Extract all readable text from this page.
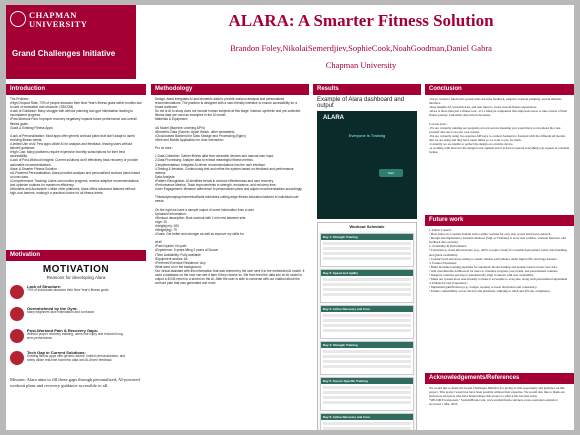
CHAPMAN
UNIVERSITY
Grand Challenges Initiative
ALARA: A Smarter Fitness Solution
Brandon Foley,NikolaiSemerdjiev,SophieCook,NoahGoodman,Daniel Gabra
Chapman University
Introduction
The Problem:
•High Dropout Rate: 73% of people abandon their New Year's fitness goals within months due to lack of motivation and structure. (SBCOM)
•Lack of Guidance: Many struggle with without planning and gym intimidation leading to inconsistent progress.
•Post-Workout Pain: Improper recovery negatively impacts future performance and overall fitness goals.
Goals & Existing Fitness Apps:

•Lack of Personalization: Most apps offer generic workout plans that don't adapt to users' evolving fitness needs.
•Limited Use of AI: Few apps utilize AI for analysis and feedback, leaving users without tailored guidance.
•High Cost: Many platforms require expensive monthly subscriptions for their best accessibility.
•Lack of Post-Workout Insights: Current solutions don't effectively track recovery or provide actionable recommendations.
Alara: A Smarter Fitness Solution
•AI-Powered Personalization: Alara provides analysis and personalized workout plans based on user data.
•Comprehensive Tracking: Users can monitor progress, receive adaptive recommendations, and optimize routines for maximum efficiency.
Affordable and Accessible: Unlike other platforms, Alara offers advanced features without high-cost barriers, making it a practical choice for all fitness levels.
Motivation
MOTIVATION
Reasons for developing Alara
Lack of Structure:
73% of individuals abandon their New Year's fitness goals
Overwhelmed by the Gym:
Many beginners face intimidation and confusion
Post-Workout Pain & Recovery Gaps:
Without proper recovery tracking, users risk injury and reduced long-term performance
Tech Gap in Current Solutions:
Existing fitness apps offer generic advice, limited personalization, and rarely utilize real-time biometric data and AI-driven feedback
Mission: Alara aims to fill these gaps through personalized, AI-powered workout plans and recovery guidance accessible to all.
Methodology
Design: Alara integrates AI and biometric data to provide workout analysis and personalized recommendations. The platform is designed with a user-friendly interface to ensure accessibility for a broad audience.
So me is AI to study does not include human subjects at this stage, instead, synthetic and pre-collected fitness data are used as examples in the AI model.
Materials & Equipment:

•AI Model (Machine Learning API's)
•Biometric Data (Garmin, Apple Watch, other wearables)
•Cloud-based Backend for Data Storage and Processing (Nginx)
•Web and Mobile Application for User Interaction

Pro ce dure :

1.Data Collection: Gather fitness data from wearable devices and manual user input.
2.Data Processing: Analyze data to extract meaningful fitness metrics.
3.Implementation: Integrate AI-driven recommendations into the user interface.
4.Testing & Iteration: Continuously test and refine the system based on feedback and performance metrics.
Data Analysis:
•Pattern Recognition: AI identifies trends in workout effectiveness and user recovery.
•Performance Metrics: Track improvements in strength, endurance, and recovery time.
•User Engagement: Measure adherence to personalized plans and adjust recommendations accordingly.

ThisstudyisnotpsychometricalNaria minimizes cutting-edge fitness education tailored to individual user needs.

On the right we have a sample output of some information from a user.
Uploaded Information:
•Workout description: Bust workout with 1 min rest between sets
•Age: 20
•Height(cm): 183
•Weight(kg): 79
•Goals: Get better and stronger as well as improve my skills for

at all
•Past Injuries: No pain
•Experience: 5 years lifting 2 years of Soccer
•Time Availability: Fully available
•Equipment access: All
•Preferred Exercise Residence: Any
What went on in the background:
Our virtual assistant with this information that was entered by the user sent it to the embedded AI model. It used a database on the user can see it later if they choose so. We then feed the data into an AI model to output a 30/45 return to a stored on the AI. After the user is able to converse with our chatbot about the workout plan that was generated and more.
Results
Example of Alara dashboard and output
ALARA
Everyone Is Training
Start
Workout Schedule
Day 1: Strength Training
Day 2: Speed and Agility
Day 3: Active Recovery and Core
Day 4: Strength Training
Day 5: Soccer Specific Training
Day 6: Active Recovery and Core
Conclusion
-We've created a functional system with real-time feedback, adaptive workout planning, and an intuitive interface.
-Data insights AI, wearable data, and user input to create custom fitness experiences.
-Alara is more than just a fitness tool—it's a lifestyle companion that empowers users to take control of their fitness journey with smart data-driven decisions.

Con ins tions :
-We are currently running our program on local servers meaning you would have to download the code yourself and run it on your own system.
-We are currently using two separate API keys to connect backend to frontend with the different AI models that we are using and they have token limits so we want to pay for them.
-Currently we are unable to perfect the design on a mobile device.
-A working with however the design is not optimal and it is hard to upload everything you request in a mobile format.
Future work
1. Public Launch:
- Host Alara on a custom domain with a public website for easy user access and broad outreach.
- Design and implement a backend database (SQL or Firebase) to store user profiles, workout histories, and feedback data securely.
2. Scalability & Performance:
• Transition to cloud infrastructure (e.g., AWS, Google Cloud) for scalable deployment, better data handling, and global availability.
• Conduct load and stress testing to ensure reliable performance under high traffic and large datasets.
3. Feature Expansion:
• Build machine learning pipelines for automatic model training and updates based on new user data.
• Add customizable dashboards for users to visualize progress, past trends, and personalized routines.
• Integrate calendar syncing to automatically align workouts with user availability.
• Make our system more user-friendly to make it accessible to everyone, along with personalized adjustment
4. Enhanced User Experience:
• Implement gamification (e.g., badges, streaks) to boost motivation and consistency.
• Ensure compatibility across devices and platforms, adhering to ADA and WCAG compliance.
Acknowledgements/References
We would like to thank the Grand Challenges Initiative for giving us this opportunity and guidance on this project. This project would not have been possible without their expertise. We would also like to thank our professors and peers who have helped shape this project to what it has become today.
"SBCOM Provisionals." StatisticBrain.Com, www.statisticbrain.com/new-years-resolution-statistics/. Accessed 1 Mar. 2025.
